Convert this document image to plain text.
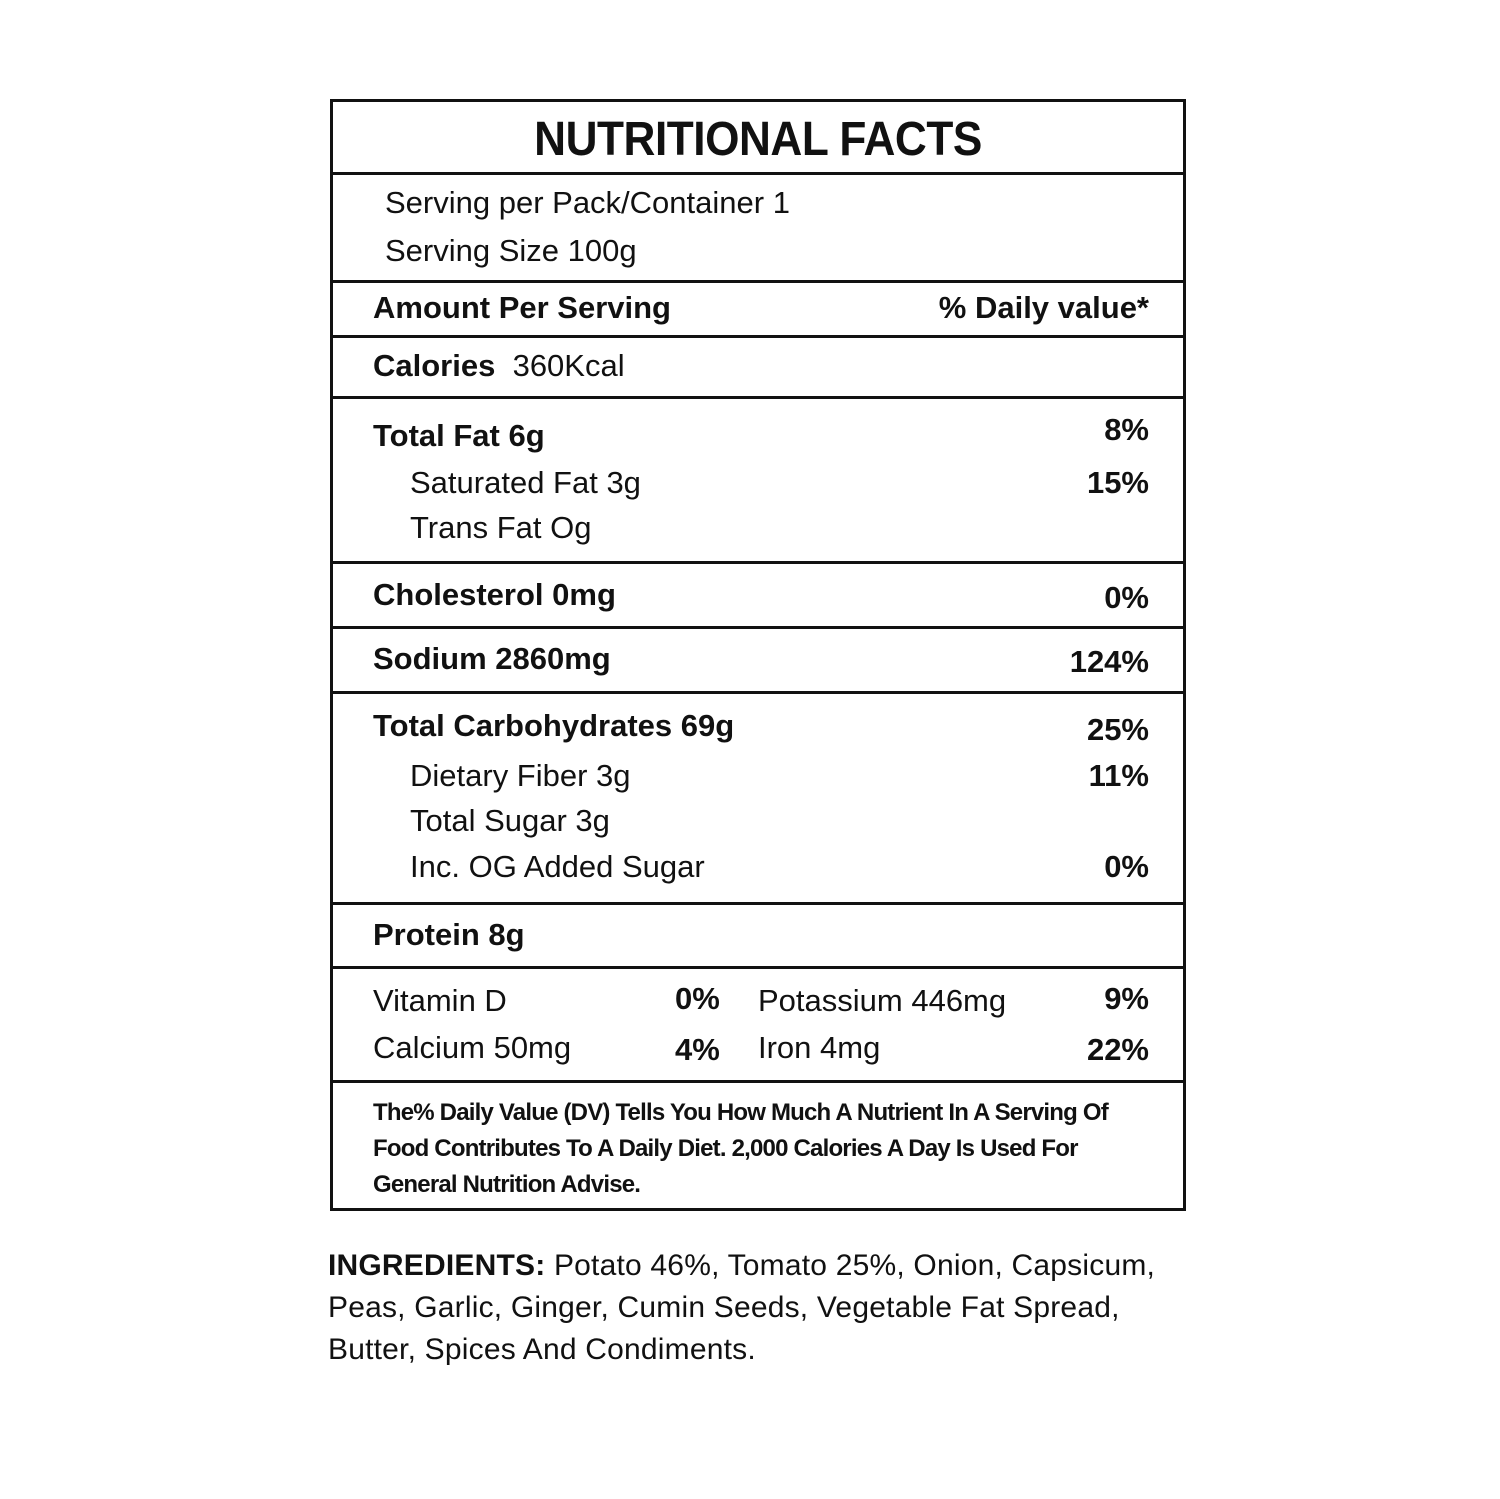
NUTRITIONAL FACTS
Serving per Pack/Container 1
Serving Size 100g
Amount Per Serving	% Daily value*
Calories 360Kcal
Total Fat 6g	8%
Saturated Fat 3g	15%
Trans Fat Og
Cholesterol 0mg	0%
Sodium 2860mg	124%
Total Carbohydrates 69g	25%
Dietary Fiber 3g	11%
Total Sugar 3g
Inc. OG Added Sugar	0%
Protein 8g
Vitamin D	0% Potassium 446mg	9%
Calcium 50mg	4% Iron 4mg	22%
The% Daily Value (DV) Tells You How Much A Nutrient In A Serving Of Food Contributes To A Daily Diet. 2,000 Calories A Day Is Used For General Nutrition Advise.
INGREDIENTS: Potato 46%, Tomato 25%, Onion, Capsicum, Peas, Garlic, Ginger, Cumin Seeds, Vegetable Fat Spread, Butter, Spices And Condiments.
